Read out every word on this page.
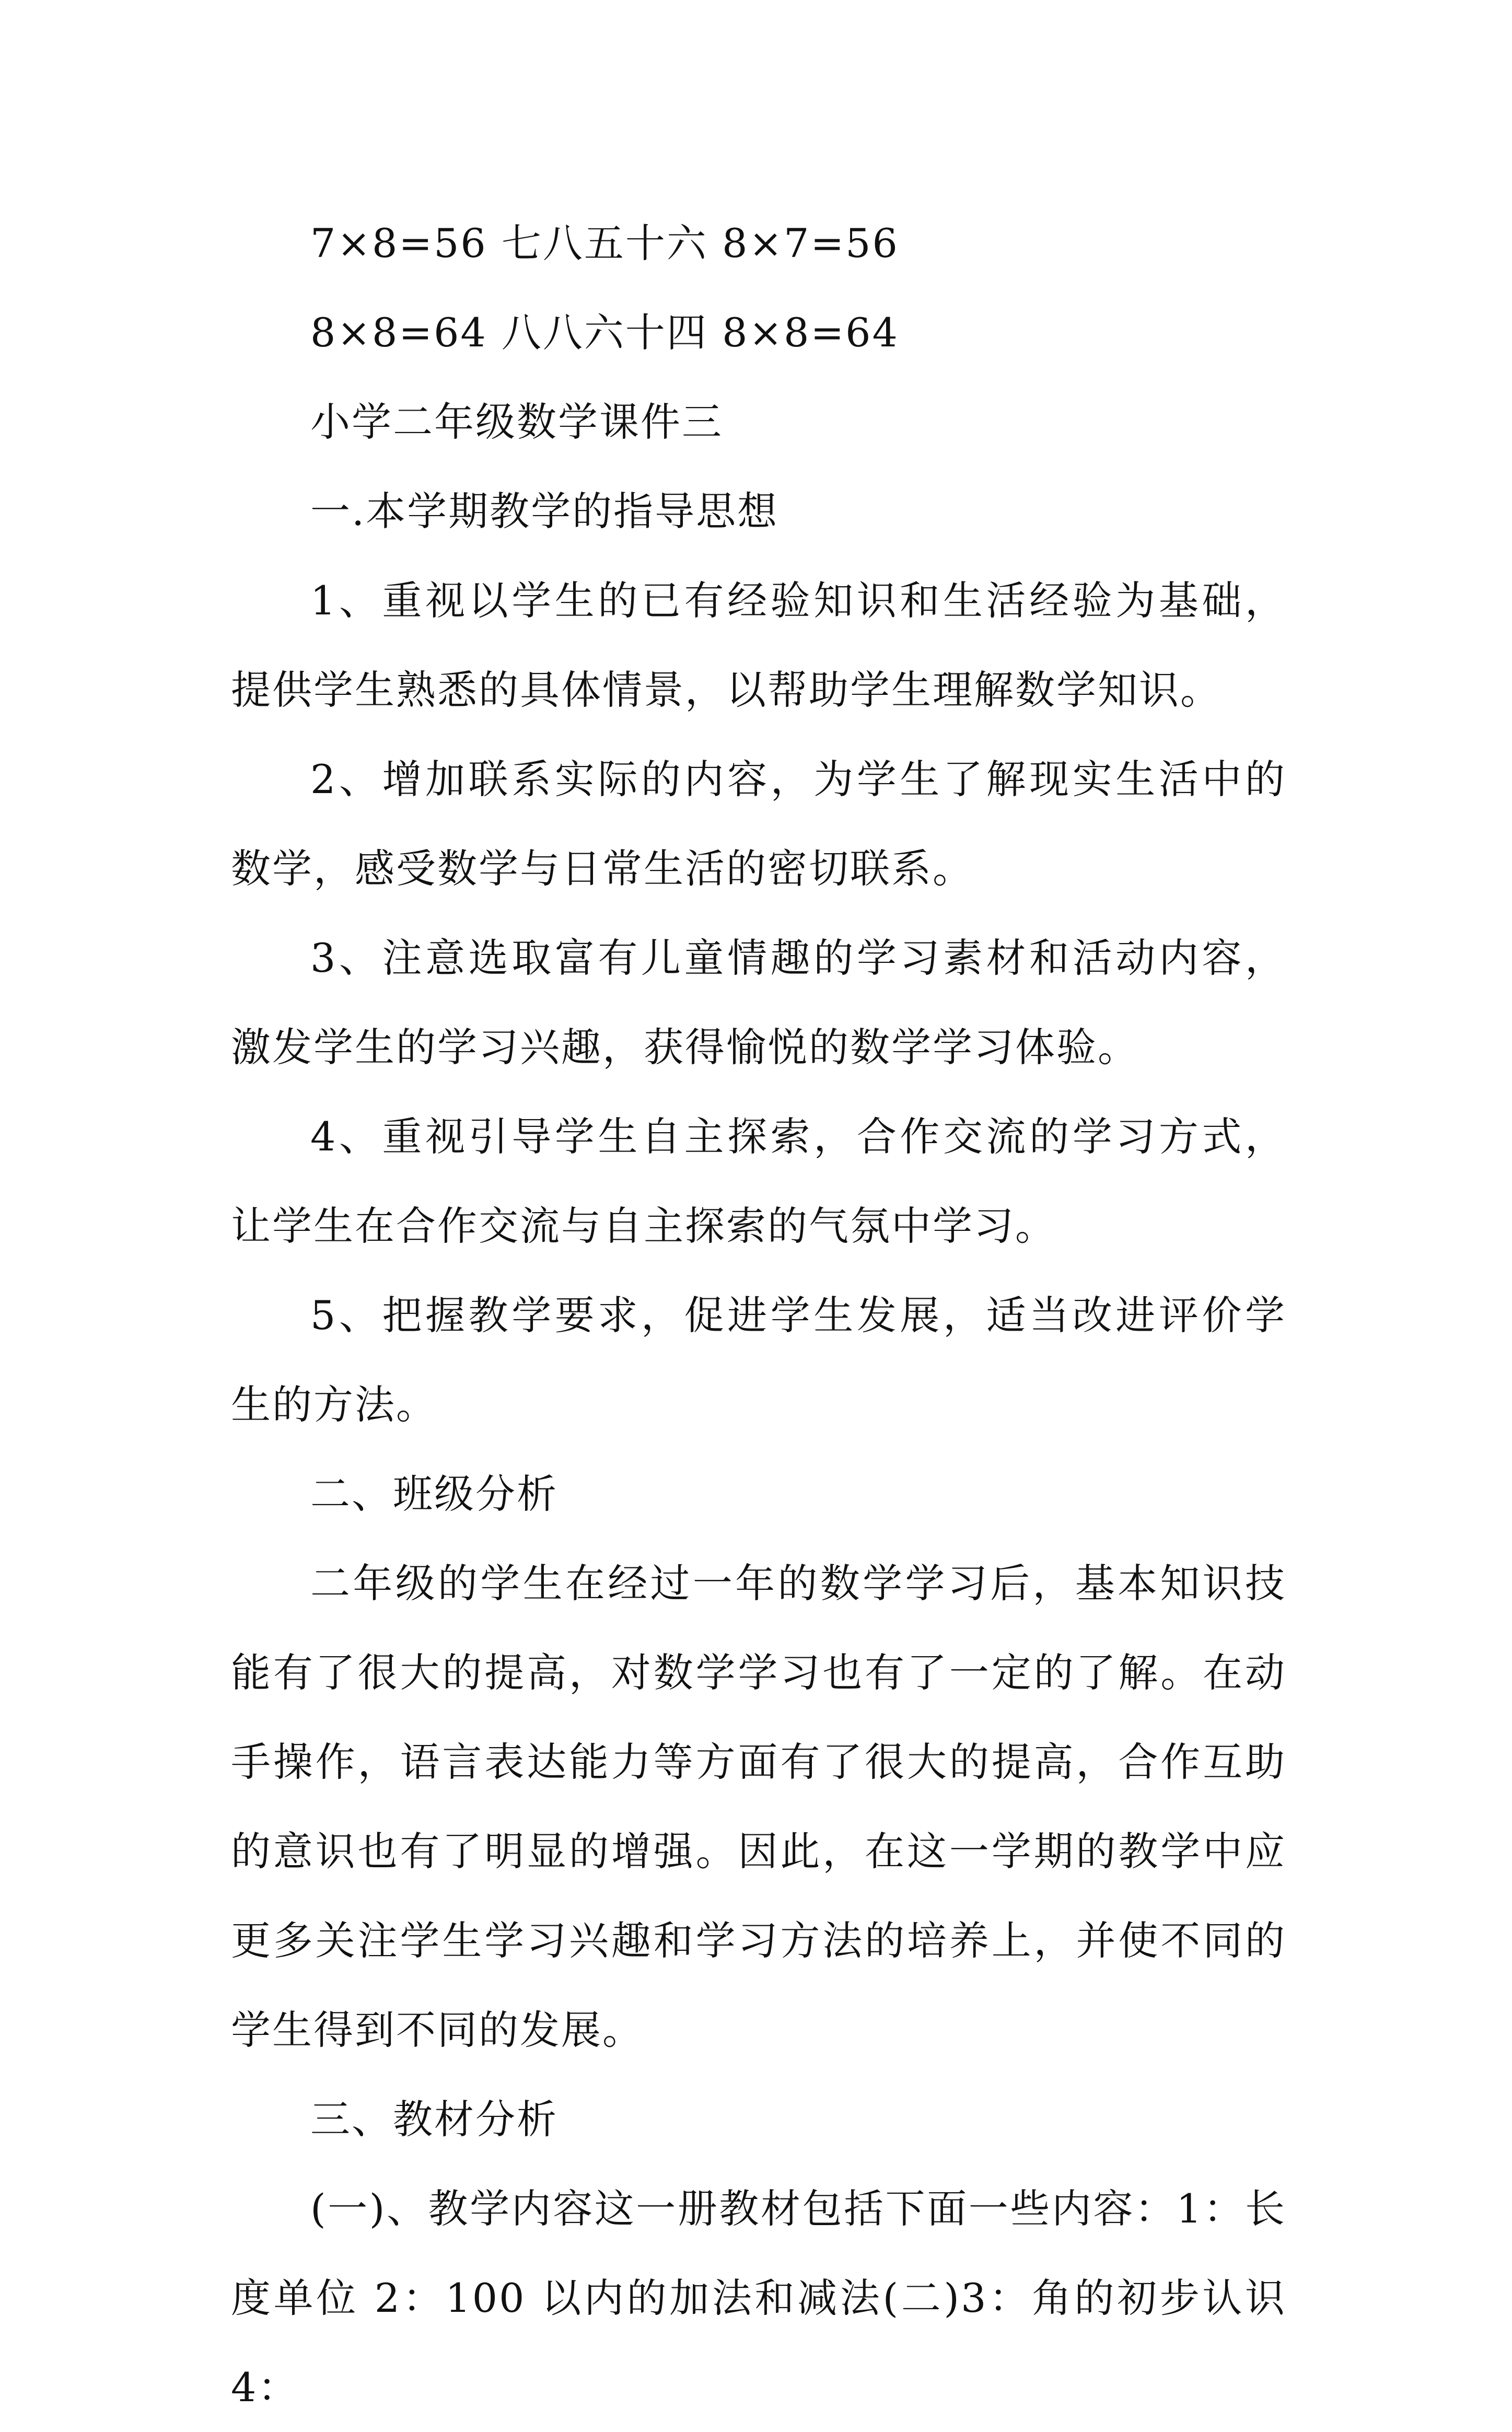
7×8=56 七八五十六 8×7=56

8×8=64 八八六十四 8×8=64

小学二年级数学课件三

一.本学期教学的指导思想

1、重视以学生的已有经验知识和生活经验为基础，提供学生熟悉的具体情景，以帮助学生理解数学知识。

2、增加联系实际的内容，为学生了解现实生活中的数学，感受数学与日常生活的密切联系。

3、注意选取富有儿童情趣的学习素材和活动内容，激发学生的学习兴趣，获得愉悦的数学学习体验。

4、重视引导学生自主探索，合作交流的学习方式，让学生在合作交流与自主探索的气氛中学习。

5、把握教学要求，促进学生发展，适当改进评价学生的方法。

二、班级分析

二年级的学生在经过一年的数学学习后，基本知识技能有了很大的提高，对数学学习也有了一定的了解。在动手操作，语言表达能力等方面有了很大的提高，合作互助的意识也有了明显的增强。因此，在这一学期的教学中应更多关注学生学习兴趣和学习方法的培养上，并使不同的学生得到不同的发展。

三、教材分析

(一)、教学内容这一册教材包括下面一些内容：1：长度单位 2：100 以内的加法和减法(二)3：角的初步认识 4：
